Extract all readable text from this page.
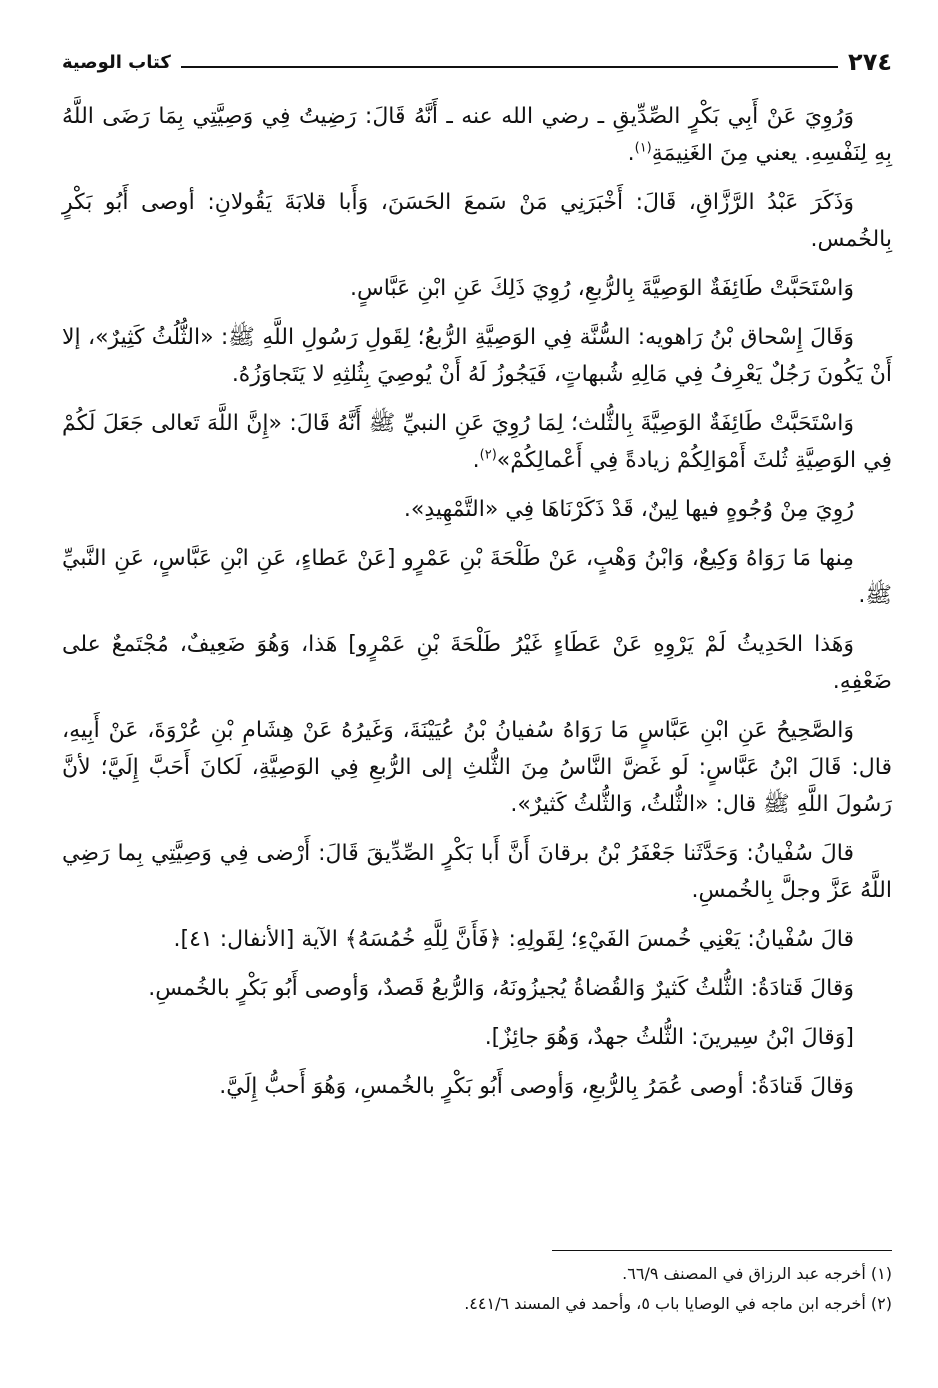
٢٧٤
كتاب الوصية

وَرُوِيَ عَنْ أَبِي بَكْرٍ الصِّدِّيقِ ـ رضي الله عنه ـ أَنَّهُ قَالَ: رَضِيتُ فِي وَصِيَّتِي بِمَا رَضَى اللَّهُ بِهِ لِنَفْسِهِ. يعني مِنَ الغَنِيمَةِ$^{(١)}$.

وَذَكَرَ عَبْدُ الرَّزَّاقِ، قَالَ: أَخْبَرَنِي مَنْ سَمعَ الحَسَنَ، وَأَبا قلابَةَ يَقُولانِ: أوصى أَبُو بَكْرٍ بِالخُمس.

وَاسْتَحَبَّتْ طَائِفَةٌ الوَصِيَّةَ بِالرُّبعِ، رُوِيَ ذَلِكَ عَنِ ابْنِ عَبَّاسٍ.

وَقَالَ إِسْحاق بْنُ رَاهويه: السُّنَّة فِي الوَصِيَّةِ الرُّبعُ؛ لِقَولِ رَسُولِ اللَّهِ ﷺ: «الثُّلُثُ كَثِيرٌ»، إلا أَنْ يَكُونَ رَجُلٌ يَعْرِفُ فِي مَالِهِ شُبهاتٍ، فَيَجُوزُ لَهُ أَنْ يُوصِيَ بِثُلثِهِ لا يَتَجاوَزُهُ.

وَاسْتَحَبَّتْ طَائِفَةٌ الوَصِيَّةَ بِالثُّلث؛ لِمَا رُوِيَ عَنِ النبيِّ ﷺ أَنَّهُ قَالَ: «إِنَّ اللَّهَ تَعالى جَعَلَ لَكُمْ فِي الوَصِيَّةِ ثُلثَ أَمْوَالِكُمْ زيادةً فِي أَعْمالِكُمْ»$^{(٢)}$.

رُوِيَ مِنْ وُجُوهٍ فيها لِينٌ، قَدْ ذَكَرْنَاهَا فِي «التَّمْهِيدِ».

مِنها مَا رَوَاهُ وَكِيعٌ، وَابْنُ وَهْبٍ، عَنْ طَلْحَةَ بْنِ عَمْرٍو [عَنْ عَطاءٍ، عَنِ ابْنِ عَبَّاسٍ، عَنِ النَّبيِّ ﷺ.

وَهَذا الحَدِيثُ لَمْ يَرْوِهِ عَنْ عَطَاءٍ غَيْرُ طَلْحَةَ بْنِ عَمْرٍو] هَذا، وَهُوَ ضَعِيفٌ، مُجْتَمعٌ على ضَعْفِهِ.

وَالصَّحِيحُ عَنِ ابْنِ عَبَّاسٍ مَا رَوَاهُ سُفيانُ بْنُ عُيَيْنَةَ، وَغَيرُهُ عَنْ هِشَامِ بْنِ عُرْوَةَ، عَنْ أَبِيهِ، قال: قَالَ ابْنُ عَبَّاسٍ: لَو غَضَّ النَّاسُ مِنَ الثُّلثِ إلى الرُّبعِ فِي الوَصِيَّةِ، لَكانَ أَحَبَّ إِلَيَّ؛ لأنَّ رَسُولَ اللَّهِ ﷺ قال: «الثُّلثُ، وَالثُّلثُ كَثيرٌ».

قالَ سُفْيانُ: وَحَدَّثَنا جَعْفَرُ بْنُ برقانَ أَنَّ أَبا بَكْرٍ الصِّدِّيقَ قَالَ: أَرْضى فِي وَصِيَّتِي بِما رَضِي اللَّهُ عَزَّ وجلَّ بِالخُمسِ.

قالَ سُفْيانُ: يَعْنِي خُمسَ الفَيْءِ؛ لِقَولِهِ: ﴿فَأَنَّ لِلَّهِ خُمُسَهُ﴾ الآية [الأنفال: ٤١].

وَقالَ قَتادَةُ: الثُّلثُ كَثيرٌ وَالقُضاةُ يُجيزُونَهُ، وَالرُّبعُ قَصدٌ، وَأوصى أَبُو بَكْرٍ بالخُمسِ.

[وَقالَ ابْنُ سِيرينَ: الثُّلثُ جهدٌ، وَهُوَ جائِزٌ].

وَقالَ قَتادَةُ: أوصى عُمَرُ بِالرُّبعِ، وَأوصى أَبُو بَكْرٍ بالخُمسِ، وَهُوَ أَحبُّ إِلَيَّ.

(١) أخرجه عبد الرزاق في المصنف ٦٦/٩.

(٢) أخرجه ابن ماجه في الوصايا باب ٥، وأحمد في المسند ٤٤١/٦.
